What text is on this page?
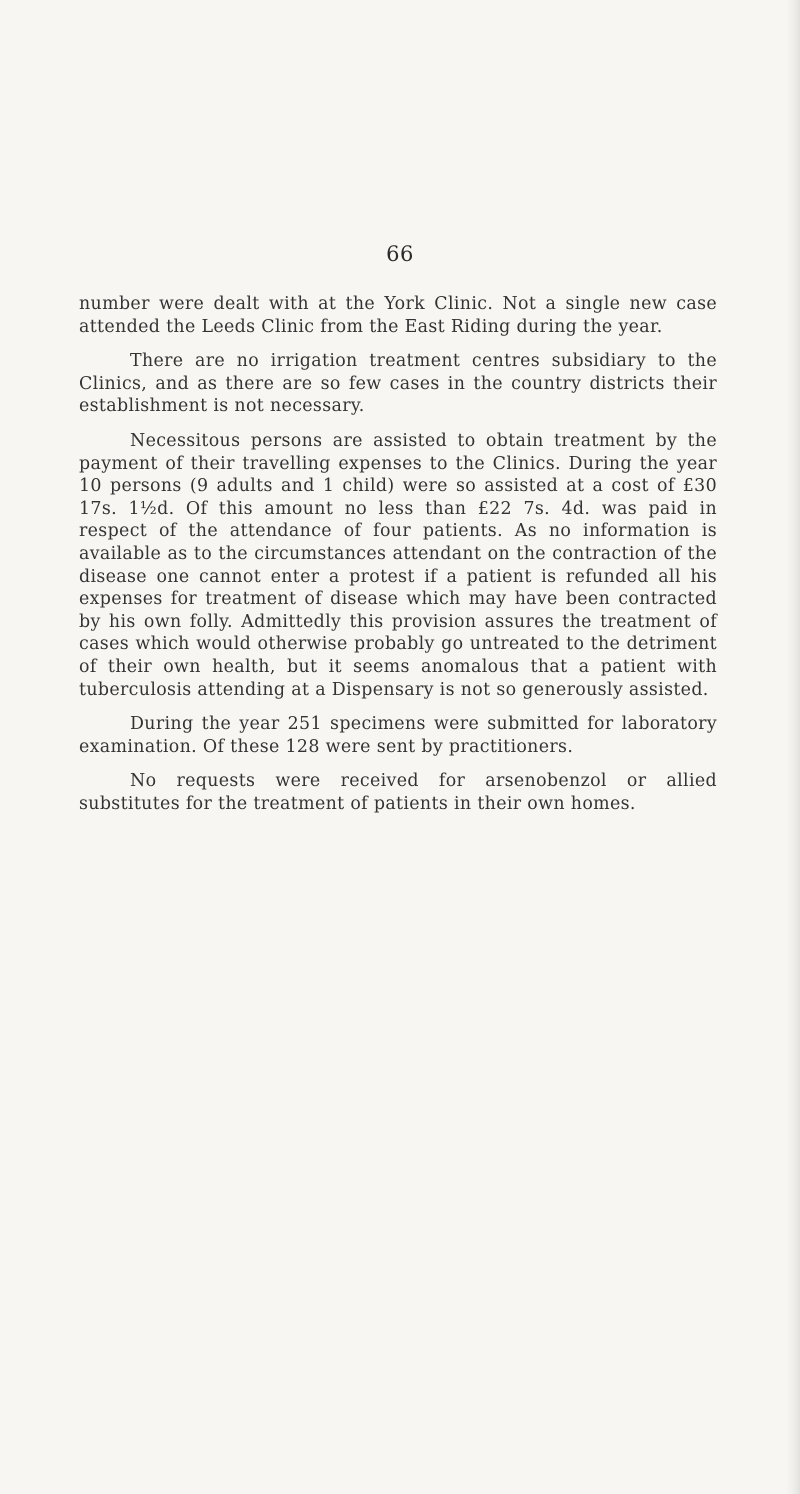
66

number were dealt with at the York Clinic. Not a single new case attended the Leeds Clinic from the East Riding during the year.

There are no irrigation treatment centres subsidiary to the Clinics, and as there are so few cases in the country districts their establishment is not necessary.

Necessitous persons are assisted to obtain treatment by the payment of their travelling expenses to the Clinics. During the year 10 persons (9 adults and 1 child) were so assisted at a cost of £30 17s. 1½d. Of this amount no less than £22 7s. 4d. was paid in respect of the attendance of four patients. As no information is available as to the circumstances attendant on the contraction of the disease one cannot enter a protest if a patient is refunded all his expenses for treatment of disease which may have been contracted by his own folly. Admittedly this provision assures the treatment of cases which would otherwise probably go untreated to the detriment of their own health, but it seems anomalous that a patient with tuberculosis attending at a Dispensary is not so generously assisted.

During the year 251 specimens were submitted for laboratory examination. Of these 128 were sent by practitioners.

No requests were received for arsenobenzol or allied substitutes for the treatment of patients in their own homes.
